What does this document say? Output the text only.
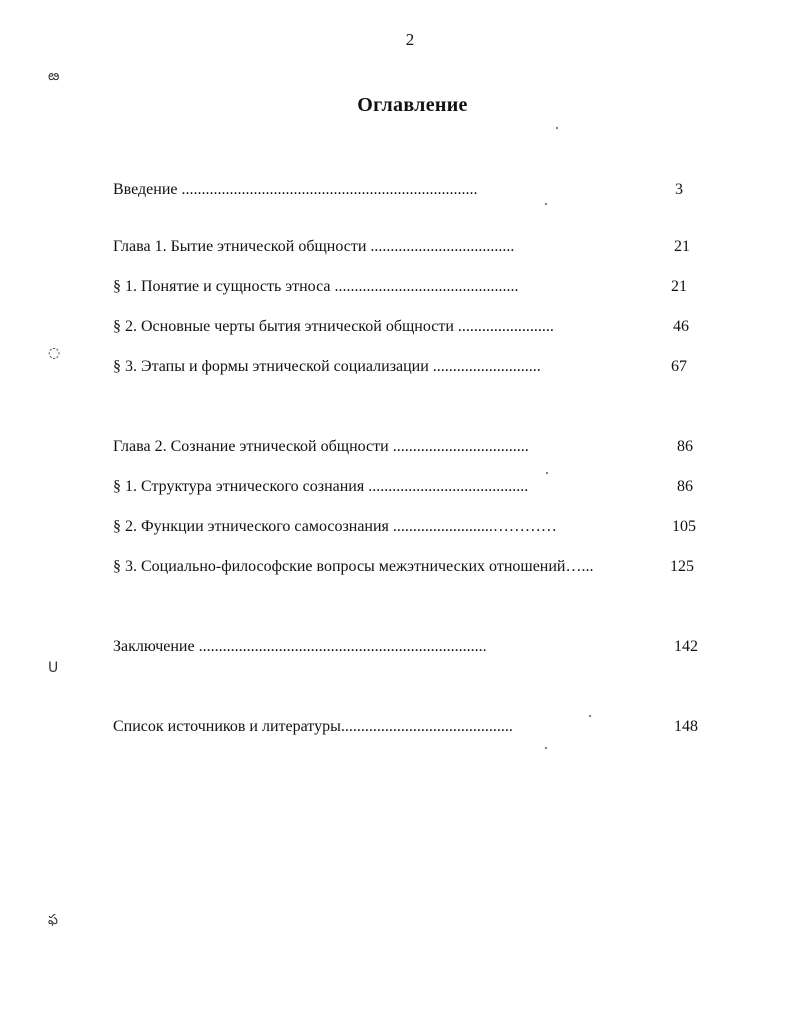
2
Оглавление
Введение ..........................................................................	3
Глава 1. Бытие этнической общности ....................................	21
§ 1. Понятие и сущность этноса ..............................................	21
§ 2. Основные черты бытия этнической общности ........................	46
§ 3. Этапы и формы этнической социализации ...........................	67
Глава 2. Сознание этнической общности ..................................	86
§ 1. Структура этнического сознания ........................................	86
§ 2. Функции этнического самосознания .........................…………	105
§ 3. Социально-философские вопросы межэтнических отношений…...	125
Заключение ........................................................................	142
Список источников и литературы...........................................	148
ఴ
◌
ᑌ
ఫ
